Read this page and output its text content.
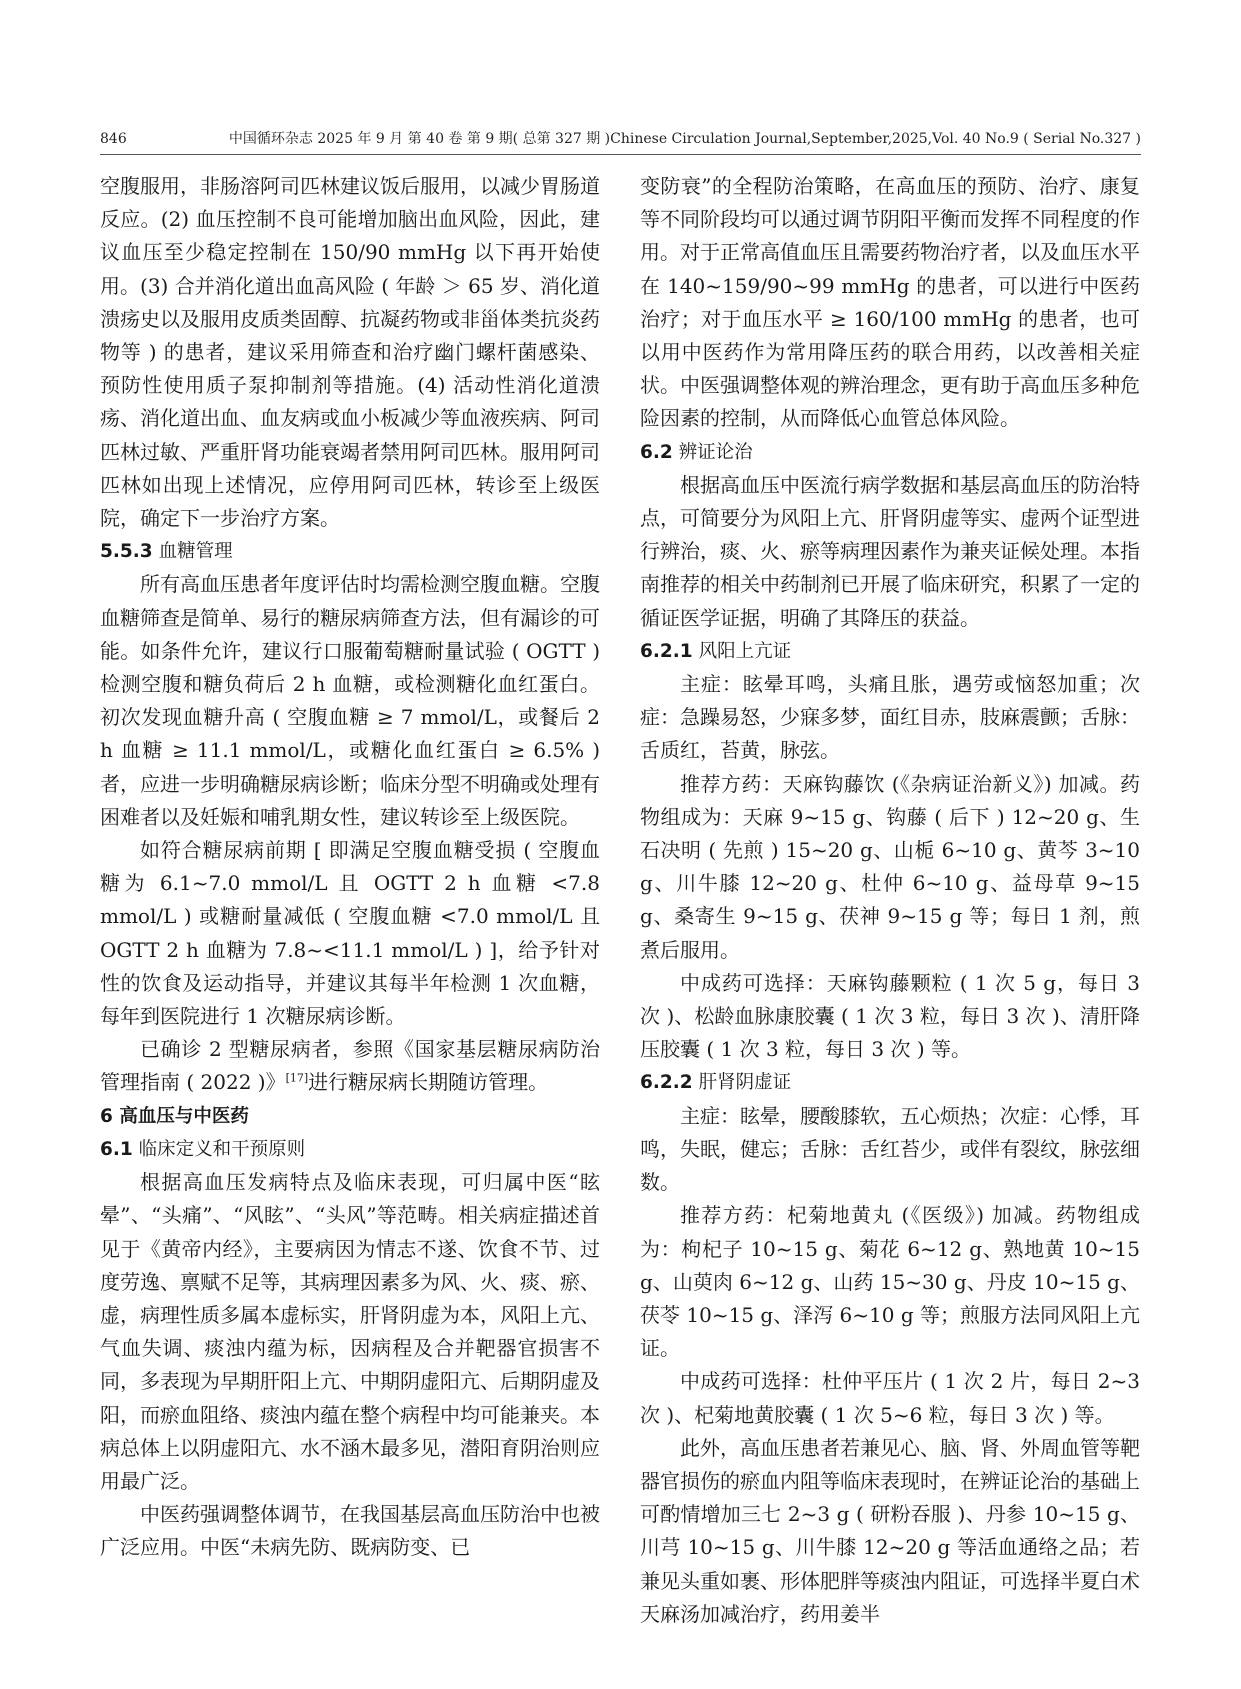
846	中国循环杂志 2025 年 9 月 第 40 卷 第 9 期( 总第 327 期 )Chinese Circulation Journal,September,2025,Vol. 40 No.9 ( Serial No.327 )

空腹服用，非肠溶阿司匹林建议饭后服用，以减少胃肠道反应。(2) 血压控制不良可能增加脑出血风险，因此，建议血压至少稳定控制在 150/90 mmHg 以下再开始使用。(3) 合并消化道出血高风险 ( 年龄 ＞ 65 岁、消化道溃疡史以及服用皮质类固醇、抗凝药物或非甾体类抗炎药物等 ) 的患者，建议采用筛查和治疗幽门螺杆菌感染、预防性使用质子泵抑制剂等措施。(4) 活动性消化道溃疡、消化道出血、血友病或血小板减少等血液疾病、阿司匹林过敏、严重肝肾功能衰竭者禁用阿司匹林。服用阿司匹林如出现上述情况，应停用阿司匹林，转诊至上级医院，确定下一步治疗方案。

5.5.3 血糖管理

所有高血压患者年度评估时均需检测空腹血糖。空腹血糖筛查是简单、易行的糖尿病筛查方法，但有漏诊的可能。如条件允许，建议行口服葡萄糖耐量试验 ( OGTT ) 检测空腹和糖负荷后 2 h 血糖，或检测糖化血红蛋白。初次发现血糖升高 ( 空腹血糖 ≥ 7 mmol/L，或餐后 2 h 血糖 ≥ 11.1 mmol/L，或糖化血红蛋白 ≥ 6.5% ) 者，应进一步明确糖尿病诊断；临床分型不明确或处理有困难者以及妊娠和哺乳期女性，建议转诊至上级医院。

如符合糖尿病前期 [ 即满足空腹血糖受损 ( 空腹血糖为 6.1~7.0 mmol/L 且 OGTT 2 h 血糖 <7.8 mmol/L ) 或糖耐量减低 ( 空腹血糖 <7.0 mmol/L 且 OGTT 2 h 血糖为 7.8~<11.1 mmol/L ) ]，给予针对性的饮食及运动指导，并建议其每半年检测 1 次血糖，每年到医院进行 1 次糖尿病诊断。

已确诊 2 型糖尿病者，参照《国家基层糖尿病防治管理指南 ( 2022 )》[17]进行糖尿病长期随访管理。

6 高血压与中医药

6.1 临床定义和干预原则

根据高血压发病特点及临床表现，可归属中医“眩晕”、“头痛”、“风眩”、“头风”等范畴。相关病症描述首见于《黄帝内经》，主要病因为情志不遂、饮食不节、过度劳逸、禀赋不足等，其病理因素多为风、火、痰、瘀、虚，病理性质多属本虚标实，肝肾阴虚为本，风阳上亢、气血失调、痰浊内蕴为标，因病程及合并靶器官损害不同，多表现为早期肝阳上亢、中期阴虚阳亢、后期阴虚及阳，而瘀血阻络、痰浊内蕴在整个病程中均可能兼夹。本病总体上以阴虚阳亢、水不涵木最多见，潜阳育阴治则应用最广泛。

中医药强调整体调节，在我国基层高血压防治中也被广泛应用。中医“未病先防、既病防变、已

变防衰”的全程防治策略，在高血压的预防、治疗、康复等不同阶段均可以通过调节阴阳平衡而发挥不同程度的作用。对于正常高值血压且需要药物治疗者，以及血压水平在 140~159/90~99 mmHg 的患者，可以进行中医药治疗；对于血压水平 ≥ 160/100 mmHg 的患者，也可以用中医药作为常用降压药的联合用药，以改善相关症状。中医强调整体观的辨治理念，更有助于高血压多种危险因素的控制，从而降低心血管总体风险。

6.2 辨证论治

根据高血压中医流行病学数据和基层高血压的防治特点，可简要分为风阳上亢、肝肾阴虚等实、虚两个证型进行辨治，痰、火、瘀等病理因素作为兼夹证候处理。本指南推荐的相关中药制剂已开展了临床研究，积累了一定的循证医学证据，明确了其降压的获益。

6.2.1 风阳上亢证

主症：眩晕耳鸣，头痛且胀，遇劳或恼怒加重；次症：急躁易怒，少寐多梦，面红目赤，肢麻震颤；舌脉：舌质红，苔黄，脉弦。

推荐方药：天麻钩藤饮 (《杂病证治新义》) 加减。药物组成为：天麻 9~15 g、钩藤 ( 后下 ) 12~20 g、生石决明 ( 先煎 ) 15~20 g、山栀 6~10 g、黄芩 3~10 g、川牛膝 12~20 g、杜仲 6~10 g、益母草 9~15 g、桑寄生 9~15 g、茯神 9~15 g 等；每日 1 剂，煎煮后服用。

中成药可选择：天麻钩藤颗粒 ( 1 次 5 g，每日 3 次 )、松龄血脉康胶囊 ( 1 次 3 粒，每日 3 次 )、清肝降压胶囊 ( 1 次 3 粒，每日 3 次 ) 等。

6.2.2 肝肾阴虚证

主症：眩晕，腰酸膝软，五心烦热；次症：心悸，耳鸣，失眠，健忘；舌脉：舌红苔少，或伴有裂纹，脉弦细数。

推荐方药：杞菊地黄丸 (《医级》) 加减。药物组成为：枸杞子 10~15 g、菊花 6~12 g、熟地黄 10~15 g、山萸肉 6~12 g、山药 15~30 g、丹皮 10~15 g、茯苓 10~15 g、泽泻 6~10 g 等；煎服方法同风阳上亢证。

中成药可选择：杜仲平压片 ( 1 次 2 片，每日 2~3 次 )、杞菊地黄胶囊 ( 1 次 5~6 粒，每日 3 次 ) 等。

此外，高血压患者若兼见心、脑、肾、外周血管等靶器官损伤的瘀血内阻等临床表现时，在辨证论治的基础上可酌情增加三七 2~3 g ( 研粉吞服 )、丹参 10~15 g、川芎 10~15 g、川牛膝 12~20 g 等活血通络之品；若兼见头重如裹、形体肥胖等痰浊内阻证，可选择半夏白术天麻汤加减治疗，药用姜半
